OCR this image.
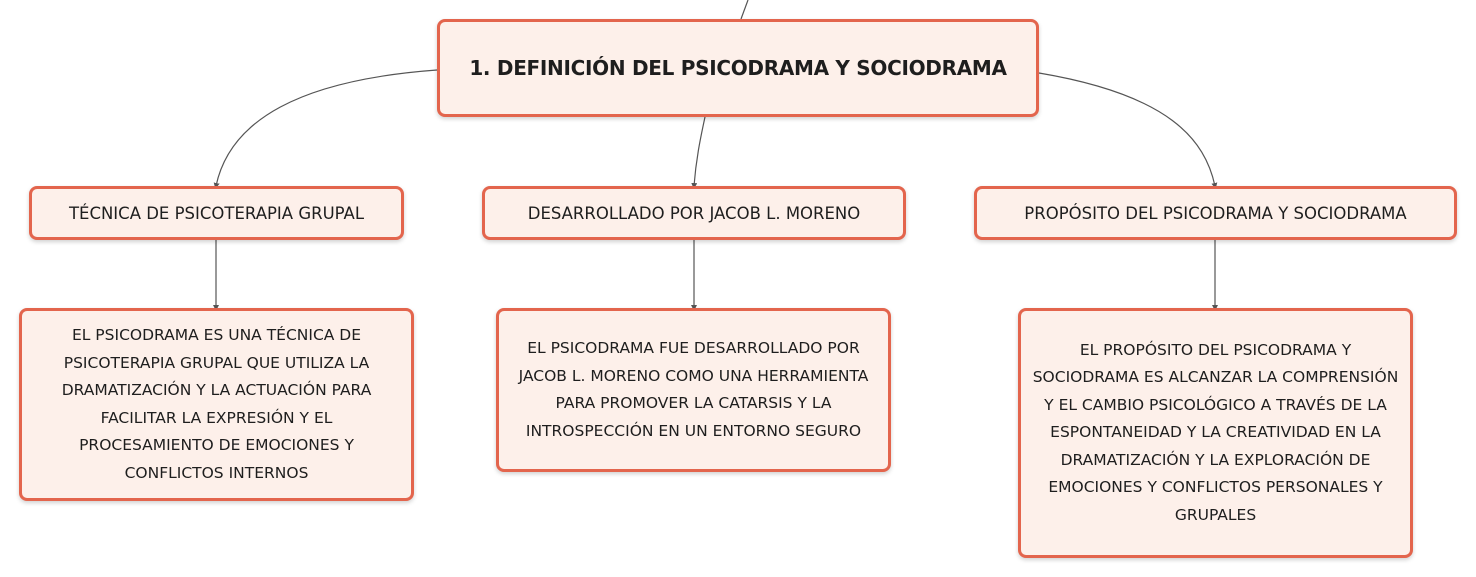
1. DEFINICIÓN DEL PSICODRAMA Y SOCIODRAMA
TÉCNICA DE PSICOTERAPIA GRUPAL	DESARROLLADO POR JACOB L. MORENO	PROPÓSITO DEL PSICODRAMA Y SOCIODRAMA
EL PSICODRAMA ES UNA TÉCNICA DE PSICOTERAPIA GRUPAL QUE UTILIZA LA DRAMATIZACIÓN Y LA ACTUACIÓN PARA FACILITAR LA EXPRESIÓN Y EL PROCESAMIENTO DE EMOCIONES Y CONFLICTOS INTERNOS
EL PSICODRAMA FUE DESARROLLADO POR JACOB L. MORENO COMO UNA HERRAMIENTA PARA PROMOVER LA CATARSIS Y LA INTROSPECCIÓN EN UN ENTORNO SEGURO
EL PROPÓSITO DEL PSICODRAMA Y SOCIODRAMA ES ALCANZAR LA COMPRENSIÓN Y EL CAMBIO PSICOLÓGICO A TRAVÉS DE LA ESPONTANEIDAD Y LA CREATIVIDAD EN LA DRAMATIZACIÓN Y LA EXPLORACIÓN DE EMOCIONES Y CONFLICTOS PERSONALES Y GRUPALES
